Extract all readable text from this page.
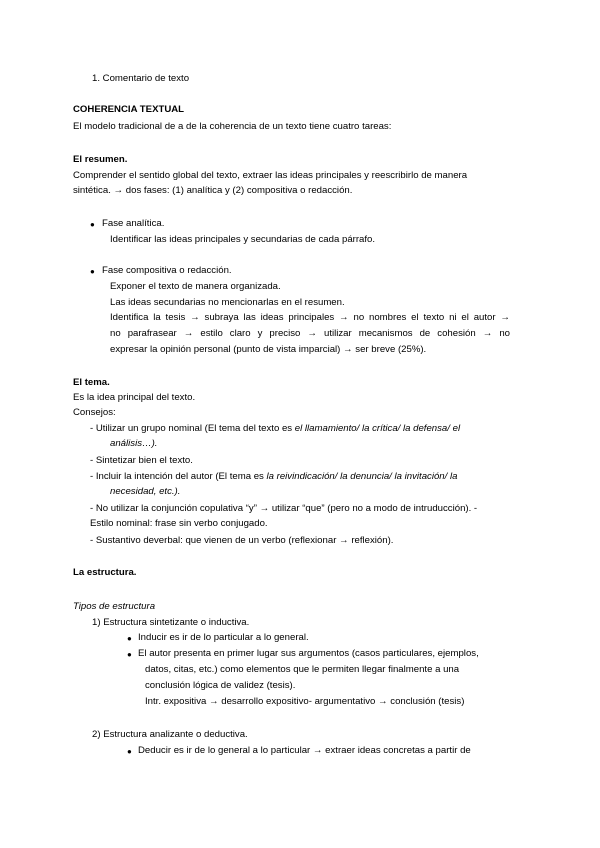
1. Comentario de texto
COHERENCIA TEXTUAL
El modelo tradicional de a de la coherencia de un texto tiene cuatro tareas:
El resumen.
Comprender el sentido global del texto, extraer las ideas principales y reescribirlo de manera
sintética. → dos fases: (1) analítica y (2) compositiva o redacción.
● Fase analítica.
Identificar las ideas principales y secundarias de cada párrafo.
● Fase compositiva o redacción.
Exponer el texto de manera organizada.
Las ideas secundarias no mencionarlas en el resumen.
Identifica la tesis → subraya las ideas principales → no nombres el texto ni el autor →
no parafrasear → estilo claro y preciso → utilizar mecanismos de cohesión → no
expresar la opinión personal (punto de vista imparcial) → ser breve (25%).
El tema.
Es la idea principal del texto.
Consejos:
- Utilizar un grupo nominal (El tema del texto es el llamamiento/ la crítica/ la defensa/ el
análisis…).
- Sintetizar bien el texto.
- Incluir la intención del autor (El tema es la reivindicación/ la denuncia/ la invitación/ la
necesidad, etc.).
- No utilizar la conjunción copulativa “y” → utilizar “que” (pero no a modo de intruducción). -
Estilo nominal: frase sin verbo conjugado.
- Sustantivo deverbal: que vienen de un verbo (reflexionar → reflexión).
La estructura.
Tipos de estructura
1) Estructura sintetizante o inductiva.
● Inducir es ir de lo particular a lo general.
● El autor presenta en primer lugar sus argumentos (casos particulares, ejemplos,
datos, citas, etc.) como elementos que le permiten llegar finalmente a una
conclusión lógica de validez (tesis).
Intr. expositiva → desarrollo expositivo- argumentativo → conclusión (tesis)
2) Estructura analizante o deductiva.
● Deducir es ir de lo general a lo particular → extraer ideas concretas a partir de
